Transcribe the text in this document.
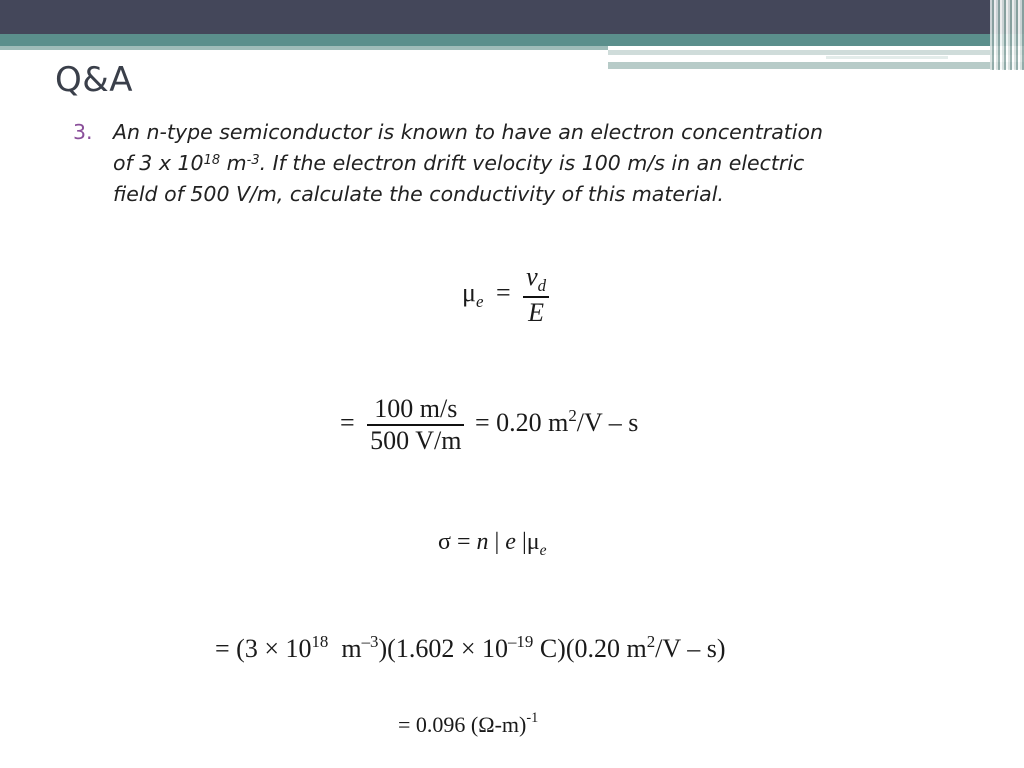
Q&A
3. An n-type semiconductor is known to have an electron concentration
of 3 x $10^{18}$ $m^{-3}$. If the electron drift velocity is 100 m/s in an electric
field of 500 V/m, calculate the conductivity of this material.
$\mu_e = \frac{v_d}{E}$
= $\frac{100 m/s}{500 V/m} = 0.20$ $m^2/V$ – s

σ = n | e $|\mu_e$

= ($3 \times 10^{18}$  $m^{-3})(1.602 \times 10^{-19}$ C)(0.20 $m^2/V - s$)

= 0.096 $(\Omega-m)^{-1}$
